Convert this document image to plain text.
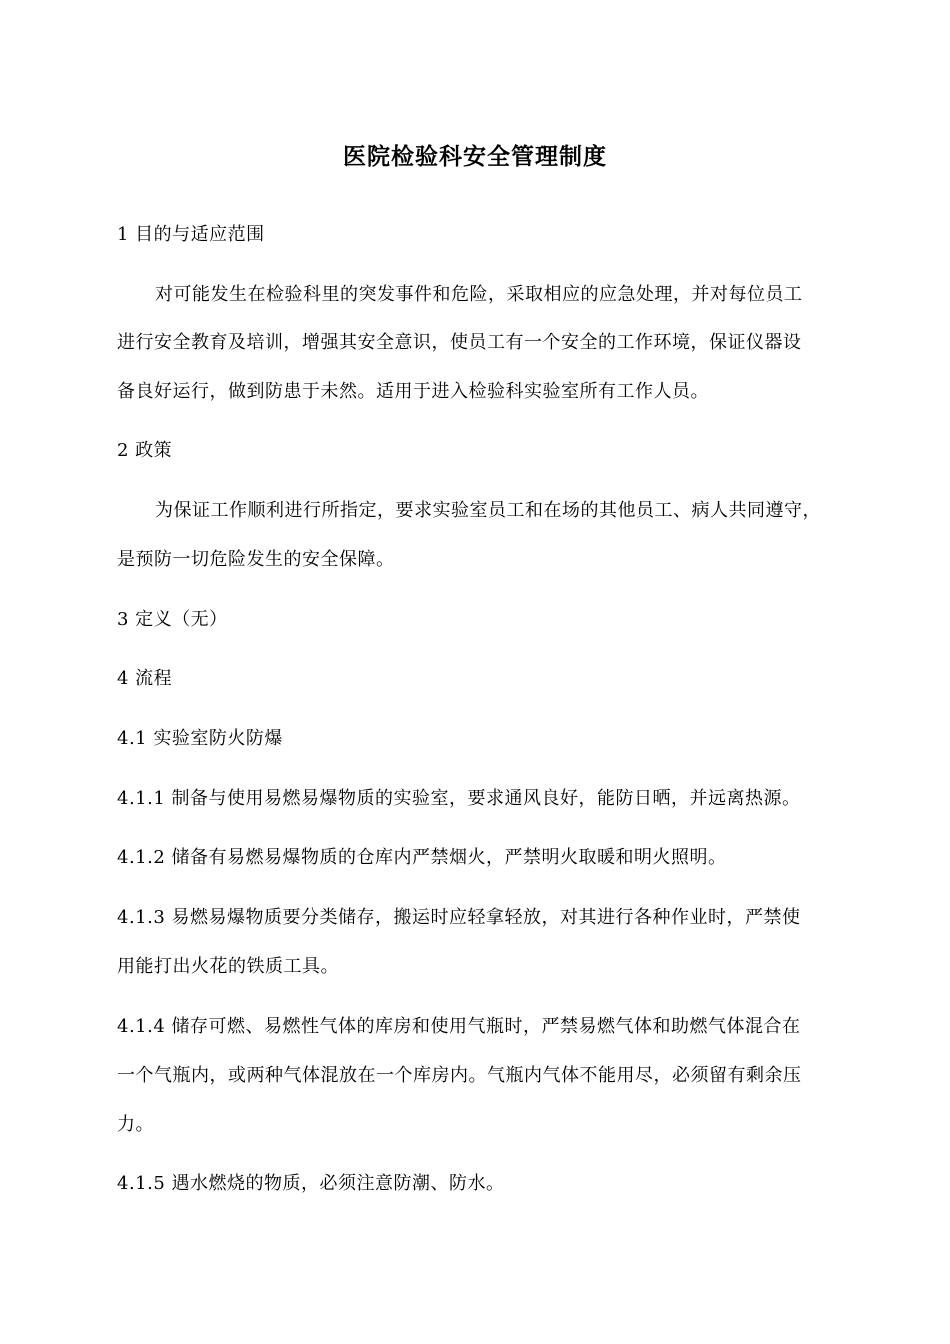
医院检验科安全管理制度
1 目的与适应范围
对可能发生在检验科里的突发事件和危险，采取相应的应急处理，并对每位员工
进行安全教育及培训，增强其安全意识，使员工有一个安全的工作环境，保证仪器设
备良好运行，做到防患于未然。适用于进入检验科实验室所有工作人员。
2 政策
为保证工作顺利进行所指定，要求实验室员工和在场的其他员工、病人共同遵守，
是预防一切危险发生的安全保障。
3 定义（无）
4 流程
4.1 实验室防火防爆
4.1.1 制备与使用易燃易爆物质的实验室，要求通风良好，能防日晒，并远离热源。
4.1.2 储备有易燃易爆物质的仓库内严禁烟火，严禁明火取暖和明火照明。
4.1.3 易燃易爆物质要分类储存，搬运时应轻拿轻放，对其进行各种作业时，严禁使
用能打出火花的铁质工具。
4.1.4 储存可燃、易燃性气体的库房和使用气瓶时，严禁易燃气体和助燃气体混合在
一个气瓶内，或两种气体混放在一个库房内。气瓶内气体不能用尽，必须留有剩余压
力。
4.1.5 遇水燃烧的物质，必须注意防潮、防水。
